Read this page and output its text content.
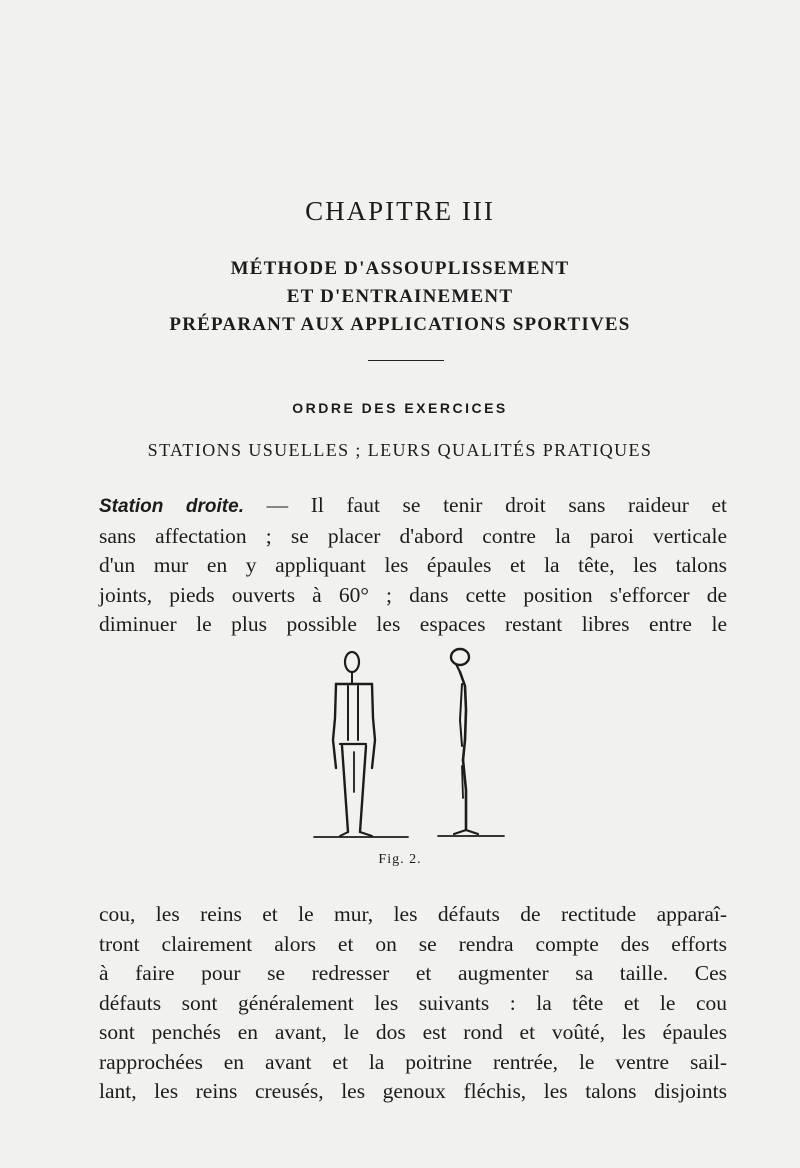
CHAPITRE III
MÉTHODE D'ASSOUPLISSEMENT
ET D'ENTRAINEMENT
PRÉPARANT AUX APPLICATIONS SPORTIVES
ORDRE DES EXERCICES
STATIONS USUELLES ; LEURS QUALITÉS PRATIQUES
Station droite. — Il faut se tenir droit sans raideur et
sans affectation ; se placer d'abord contre la paroi verticale
d'un mur en y appliquant les épaules et la tête, les talons
joints, pieds ouverts à 60° ; dans cette position s'efforcer de
diminuer le plus possible les espaces restant libres entre le
Fig. 2.
cou, les reins et le mur, les défauts de rectitude apparaî-
tront clairement alors et on se rendra compte des efforts
à faire pour se redresser et augmenter sa taille. Ces
défauts sont généralement les suivants : la tête et le cou
sont penchés en avant, le dos est rond et voûté, les épaules
rapprochées en avant et la poitrine rentrée, le ventre sail-
lant, les reins creusés, les genoux fléchis, les talons disjoints
